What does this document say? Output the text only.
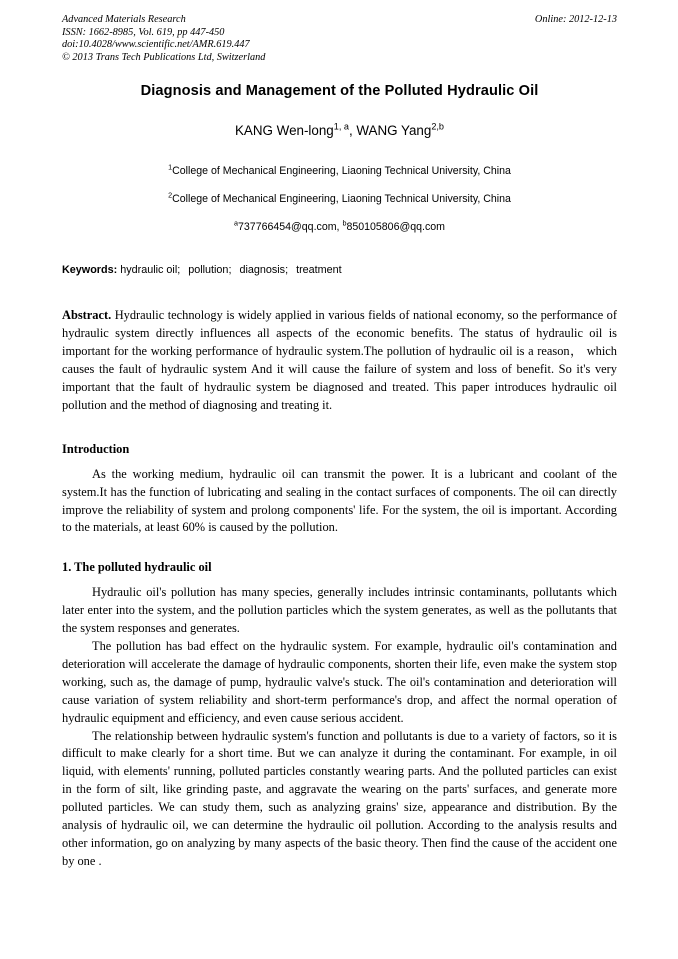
Advanced Materials Research
ISSN: 1662-8985, Vol. 619, pp 447-450
doi:10.4028/www.scientific.net/AMR.619.447
© 2013 Trans Tech Publications Ltd, Switzerland
Online: 2012-12-13
Diagnosis and Management of the Polluted Hydraulic Oil
KANG Wen-long$^{1, a}$, WANG Yang$^{2,b}$
$^1$College of Mechanical Engineering, Liaoning Technical University, China
$^2$College of Mechanical Engineering, Liaoning Technical University, China
$^a$737766454@qq.com, $^b$850105806@qq.com
Keywords: hydraulic oil; pollution; diagnosis; treatment

Abstract. Hydraulic technology is widely applied in various fields of national economy, so the performance of hydraulic system directly influences all aspects of the economic benefits. The status of hydraulic oil is important for the working performance of hydraulic system.The pollution of hydraulic oil is a reason， which causes the fault of hydraulic system And it will cause the failure of system and loss of benefit. So it's very important that the fault of hydraulic system be diagnosed and treated. This paper introduces hydraulic oil pollution and the method of diagnosing and treating it.

Introduction

As the working medium, hydraulic oil can transmit the power. It is a lubricant and coolant of the system.It has the function of lubricating and sealing in the contact surfaces of components. The oil can directly improve the reliability of system and prolong components' life. For the system, the oil is important. According to the materials, at least 60% is caused by the pollution.

1. The polluted hydraulic oil

Hydraulic oil's pollution has many species, generally includes intrinsic contaminants, pollutants which later enter into the system, and the pollution particles which the system generates, as well as the pollutants that the system responses and generates.

The pollution has bad effect on the hydraulic system. For example, hydraulic oil's contamination and deterioration will accelerate the damage of hydraulic components, shorten their life, even make the system stop working, such as, the damage of pump, hydraulic valve's stuck. The oil's contamination and deterioration will cause variation of system reliability and short-term performance's drop, and affect the normal operation of hydraulic equipment and efficiency, and even cause serious accident.

The relationship between hydraulic system's function and pollutants is due to a variety of factors, so it is difficult to make clearly for a short time. But we can analyze it during the contaminant. For example, in oil liquid, with elements' running, polluted particles constantly wearing parts. And the polluted particles can exist in the form of silt, like grinding paste, and aggravate the wearing on the parts' surfaces, and generate more polluted particles. We can study them, such as analyzing grains' size, appearance and distribution. By the analysis of hydraulic oil, we can determine the hydraulic oil pollution. According to the analysis results and other information, go on analyzing by many aspects of the basic theory. Then find the cause of the accident one by one .
